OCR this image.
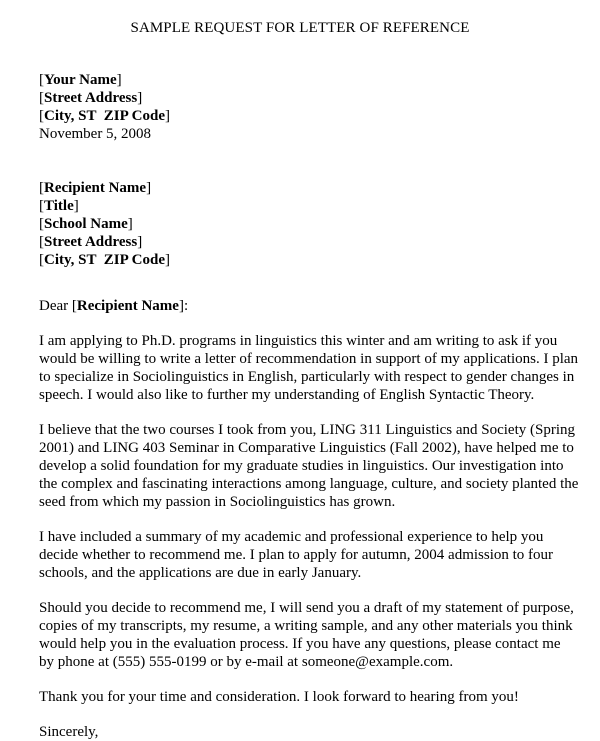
SAMPLE REQUEST FOR LETTER OF REFERENCE
[Your Name]
[Street Address]
[City, ST  ZIP Code]
November 5, 2008
[Recipient Name]
[Title]
[School Name]
[Street Address]
[City, ST  ZIP Code]
Dear [Recipient Name]:
I am applying to Ph.D. programs in linguistics this winter and am writing to ask if you
would be willing to write a letter of recommendation in support of my applications. I plan
to specialize in Sociolinguistics in English, particularly with respect to gender changes in
speech. I would also like to further my understanding of English Syntactic Theory.
I believe that the two courses I took from you, LING 311 Linguistics and Society (Spring
2001) and LING 403 Seminar in Comparative Linguistics (Fall 2002), have helped me to
develop a solid foundation for my graduate studies in linguistics. Our investigation into
the complex and fascinating interactions among language, culture, and society planted the
seed from which my passion in Sociolinguistics has grown.
I have included a summary of my academic and professional experience to help you
decide whether to recommend me. I plan to apply for autumn, 2004 admission to four
schools, and the applications are due in early January.
Should you decide to recommend me, I will send you a draft of my statement of purpose,
copies of my transcripts, my resume, a writing sample, and any other materials you think
would help you in the evaluation process. If you have any questions, please contact me
by phone at (555) 555-0199 or by e-mail at someone@example.com.
Thank you for your time and consideration. I look forward to hearing from you!
Sincerely,
